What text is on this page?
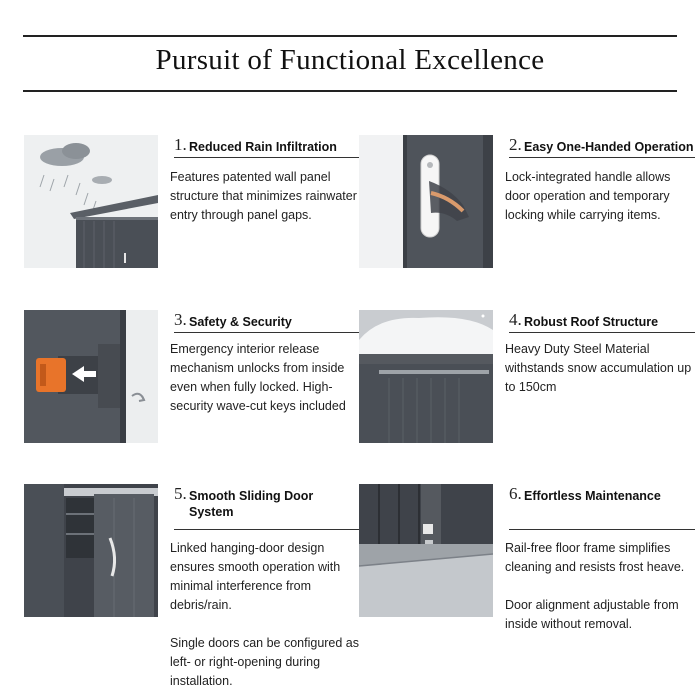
Pursuit of Functional Excellence
1. Reduced Rain Infiltration

Features patented wall panel structure that minimizes rainwater entry through panel gaps.

2. Easy One-Handed Operation

Lock-integrated handle allows door operation and temporary locking while carrying items.

3. Safety & Security

Emergency interior release mechanism unlocks from inside even when fully locked. High-security wave-cut keys included

4. Robust Roof Structure

Heavy Duty Steel Material withstands snow accumulation up to 150cm

5. Smooth Sliding Door System

Linked hanging-door design ensures smooth operation with minimal interference from debris/rain.

Single doors can be configured as left- or right-opening during installation.

6. Effortless Maintenance

Rail-free floor frame simplifies cleaning and resists frost heave.

Door alignment adjustable from inside without removal.
